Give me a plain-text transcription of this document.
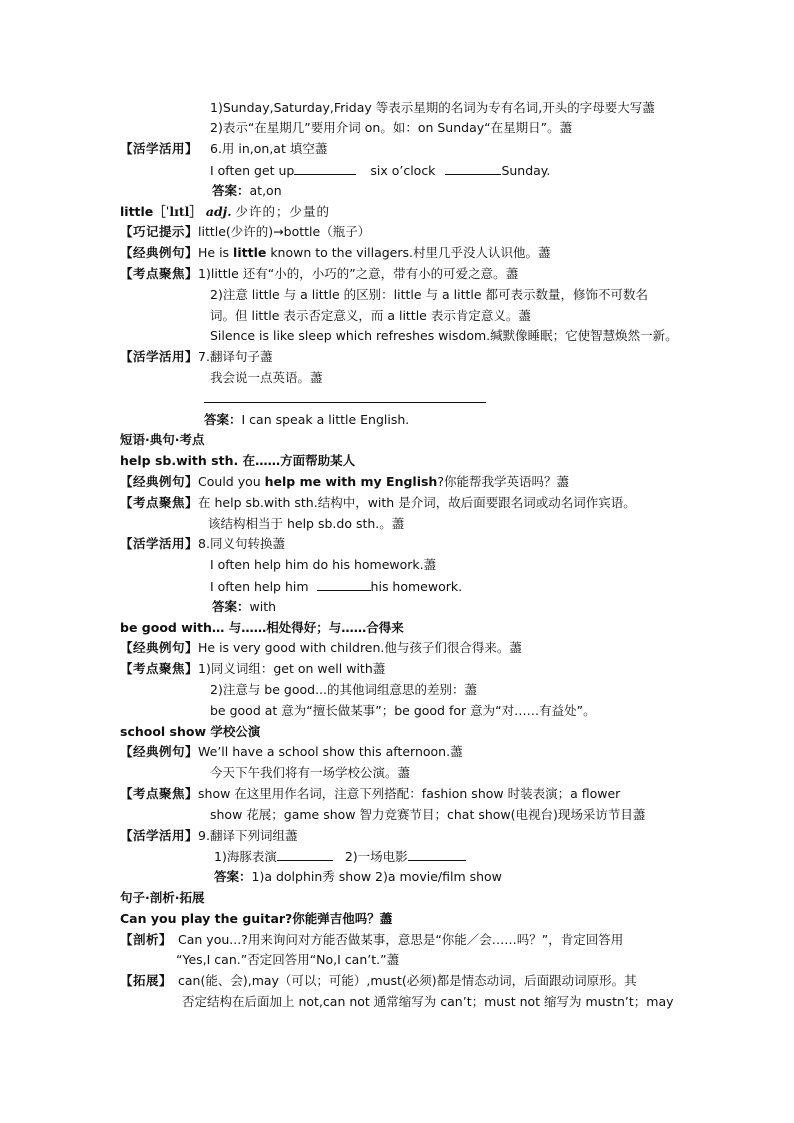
1)Sunday,Saturday,Friday 等表示星期的名词为专有名词,开头的字母要大写藎
2)表示“在星期几”要用介词 on。如：on Sunday“在星期日”。藎
【活学活用】 6.用 in,on,at 填空藎
I often get up	six o’clock	Sunday.
答案：at,on
little［ˈlɪtl］ adj. 少许的；少量的
【巧记提示】little(少许的)→bottle（瓶子）
【经典例句】He is little known to the villagers.村里几乎没人认识他。藎
【考点聚焦】1)little 还有“小的，小巧的”之意，带有小的可爱之意。藎
2)注意 little 与 a little 的区别：little 与 a little 都可表示数量，修饰不可数名
词。但 little 表示否定意义，而 a little 表示肯定意义。藎
Silence is like sleep which refreshes wisdom.缄默像睡眠；它使智慧焕然一新。
【活学活用】7.翻译句子藎
我会说一点英语。藎
答案：I can speak a little English.
短语·典句·考点
help sb.with sth. 在……方面帮助某人
【经典例句】Could you help me with my English?你能帮我学英语吗？藎
【考点聚焦】在 help sb.with sth.结构中，with 是介词，故后面要跟名词或动名词作宾语。
该结构相当于 help sb.do sth.。藎
【活学活用】8.同义句转换藎
I often help him do his homework.藎
I often help him	his homework.
答案：with
be good with… 与……相处得好；与……合得来
【经典例句】He is very good with children.他与孩子们很合得来。藎
【考点聚焦】1)同义词组：get on well with藎
2)注意与 be good...的其他词组意思的差别：藎
be good at 意为“擅长做某事”；be good for 意为“对……有益处”。
school show 学校公演
【经典例句】We’ll have a school show this afternoon.藎
今天下午我们将有一场学校公演。藎
【考点聚焦】show 在这里用作名词，注意下列搭配：fashion show 时装表演；a flower
show 花展；game show 智力竞赛节目；chat show(电视台)现场采访节目藎
【活学活用】9.翻译下列词组藎
1)海豚表演	2)一场电影
答案：1)a dolphin秀 show 2)a movie/film show
句子·剖析·拓展
Can you play the guitar?你能弹吉他吗？藎
【剖析】 Can you...?用来询问对方能否做某事，意思是“你能／会……吗？”，肯定回答用
“Yes,I can.”否定回答用“No,I can’t.”藎
【拓展】 can(能、会),may（可以；可能）,must(必须)都是情态动词，后面跟动词原形。其
否定结构在后面加上 not,can not 通常缩写为 can’t；must not 缩写为 mustn’t；may
